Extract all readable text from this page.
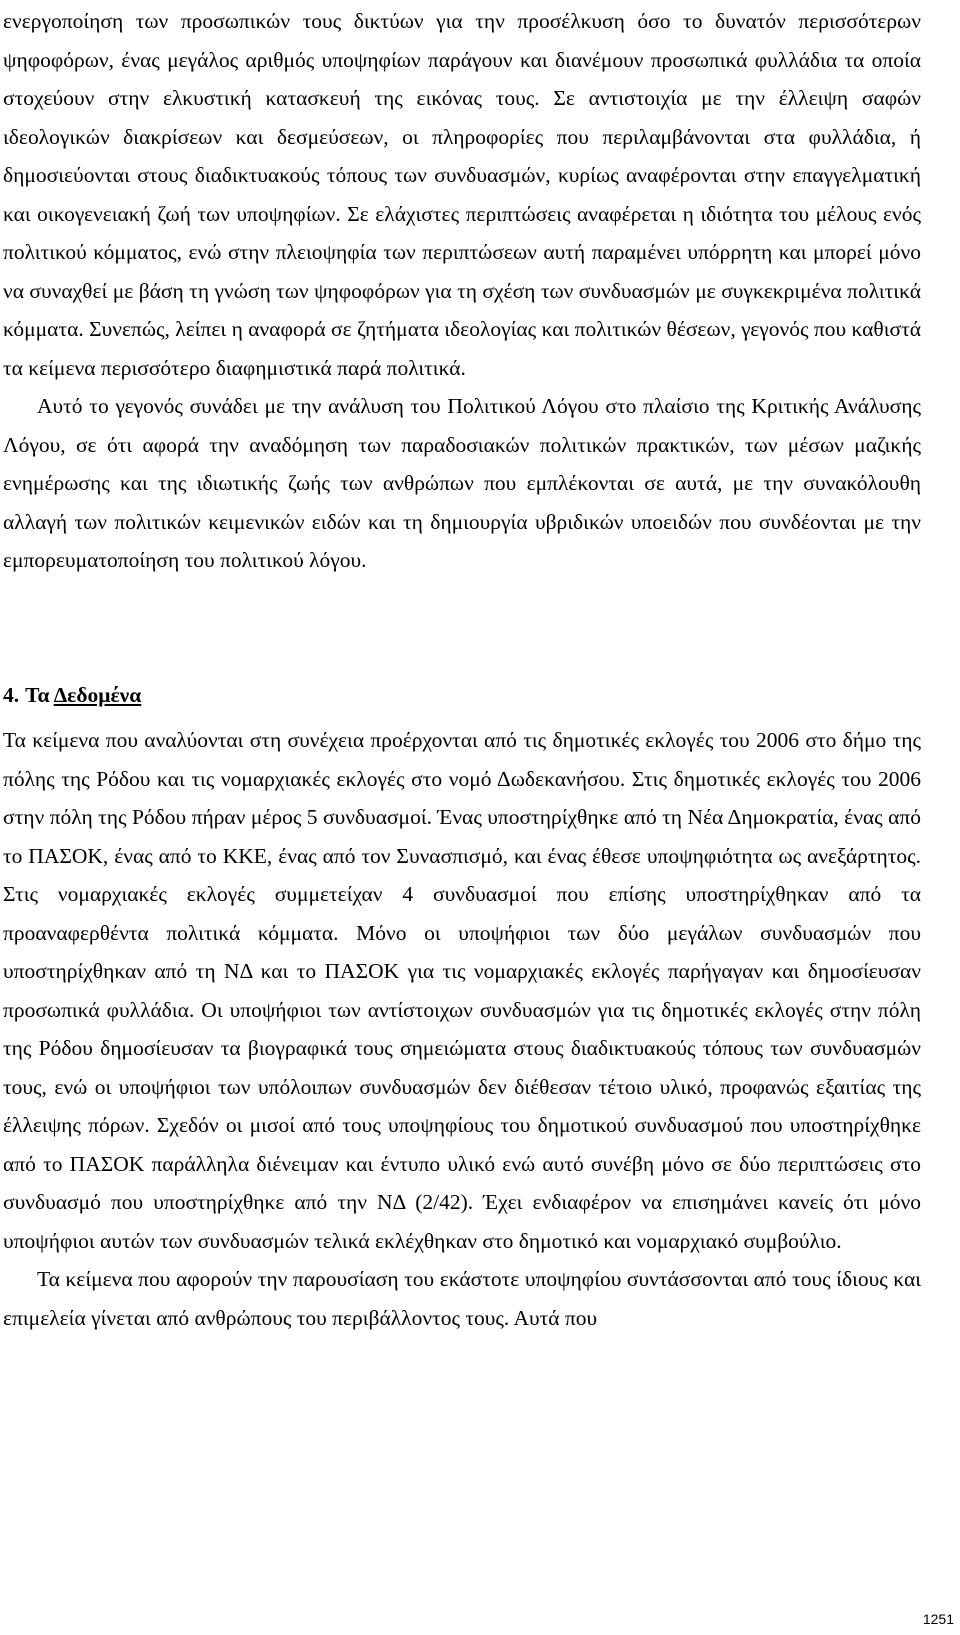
ενεργοποίηση των προσωπικών τους δικτύων για την προσέλκυση όσο το δυνατόν περισσότερων ψηφοφόρων, ένας μεγάλος αριθμός υποψηφίων παράγουν και διανέμουν προσωπικά φυλλάδια τα οποία στοχεύουν στην ελκυστική κατασκευή της εικόνας τους. Σε αντιστοιχία με την έλλειψη σαφών ιδεολογικών διακρίσεων και δεσμεύσεων, οι πληροφορίες που περιλαμβάνονται στα φυλλάδια, ή δημοσιεύονται στους διαδικτυακούς τόπους των συνδυασμών, κυρίως αναφέρονται στην επαγγελματική και οικογενειακή ζωή των υποψηφίων. Σε ελάχιστες περιπτώσεις αναφέρεται η ιδιότητα του μέλους ενός πολιτικού κόμματος, ενώ στην πλειοψηφία των περιπτώσεων αυτή παραμένει υπόρρητη και μπορεί μόνο να συναχθεί με βάση τη γνώση των ψηφοφόρων για τη σχέση των συνδυασμών με συγκεκριμένα πολιτικά κόμματα. Συνεπώς, λείπει η αναφορά σε ζητήματα ιδεολογίας και πολιτικών θέσεων, γεγονός που καθιστά τα κείμενα περισσότερο διαφημιστικά παρά πολιτικά.

Αυτό το γεγονός συνάδει με την ανάλυση του Πολιτικού Λόγου στο πλαίσιο της Κριτικής Ανάλυσης Λόγου, σε ότι αφορά την αναδόμηση των παραδοσιακών πολιτικών πρακτικών, των μέσων μαζικής ενημέρωσης και της ιδιωτικής ζωής των ανθρώπων που εμπλέκονται σε αυτά, με την συνακόλουθη αλλαγή των πολιτικών κειμενικών ειδών και τη δημιουργία υβριδικών υποειδών που συνδέονται με την εμπορευματοποίηση του πολιτικού λόγου.

4. Τα Δεδομένα

Τα κείμενα που αναλύονται στη συνέχεια προέρχονται από τις δημοτικές εκλογές του 2006 στο δήμο της πόλης της Ρόδου και τις νομαρχιακές εκλογές στο νομό Δωδεκανήσου. Στις δημοτικές εκλογές του 2006 στην πόλη της Ρόδου πήραν μέρος 5 συνδυασμοί. Ένας υποστηρίχθηκε από τη Νέα Δημοκρατία, ένας από το ΠΑΣΟΚ, ένας από το ΚΚΕ, ένας από τον Συνασπισμό, και ένας έθεσε υποψηφιότητα ως ανεξάρτητος. Στις νομαρχιακές εκλογές συμμετείχαν 4 συνδυασμοί που επίσης υποστηρίχθηκαν από τα προαναφερθέντα πολιτικά κόμματα. Μόνο οι υποψήφιοι των δύο μεγάλων συνδυασμών που υποστηρίχθηκαν από τη ΝΔ και το ΠΑΣΟΚ για τις νομαρχιακές εκλογές παρήγαγαν και δημοσίευσαν προσωπικά φυλλάδια. Οι υποψήφιοι των αντίστοιχων συνδυασμών για τις δημοτικές εκλογές στην πόλη της Ρόδου δημοσίευσαν τα βιογραφικά τους σημειώματα στους διαδικτυακούς τόπους των συνδυασμών τους, ενώ οι υποψήφιοι των υπόλοιπων συνδυασμών δεν διέθεσαν τέτοιο υλικό, προφανώς εξαιτίας της έλλειψης πόρων. Σχεδόν οι μισοί από τους υποψηφίους του δημοτικού συνδυασμού που υποστηρίχθηκε από το ΠΑΣΟΚ παράλληλα διένειμαν και έντυπο υλικό ενώ αυτό συνέβη μόνο σε δύο περιπτώσεις στο συνδυασμό που υποστηρίχθηκε από την ΝΔ (2/42). Έχει ενδιαφέρον να επισημάνει κανείς ότι μόνο υποψήφιοι αυτών των συνδυασμών τελικά εκλέχθηκαν στο δημοτικό και νομαρχιακό συμβούλιο.

Τα κείμενα που αφορούν την παρουσίαση του εκάστοτε υποψηφίου συντάσσονται από τους ίδιους και επιμελεία γίνεται από ανθρώπους του περιβάλλοντος τους. Αυτά που

1251
